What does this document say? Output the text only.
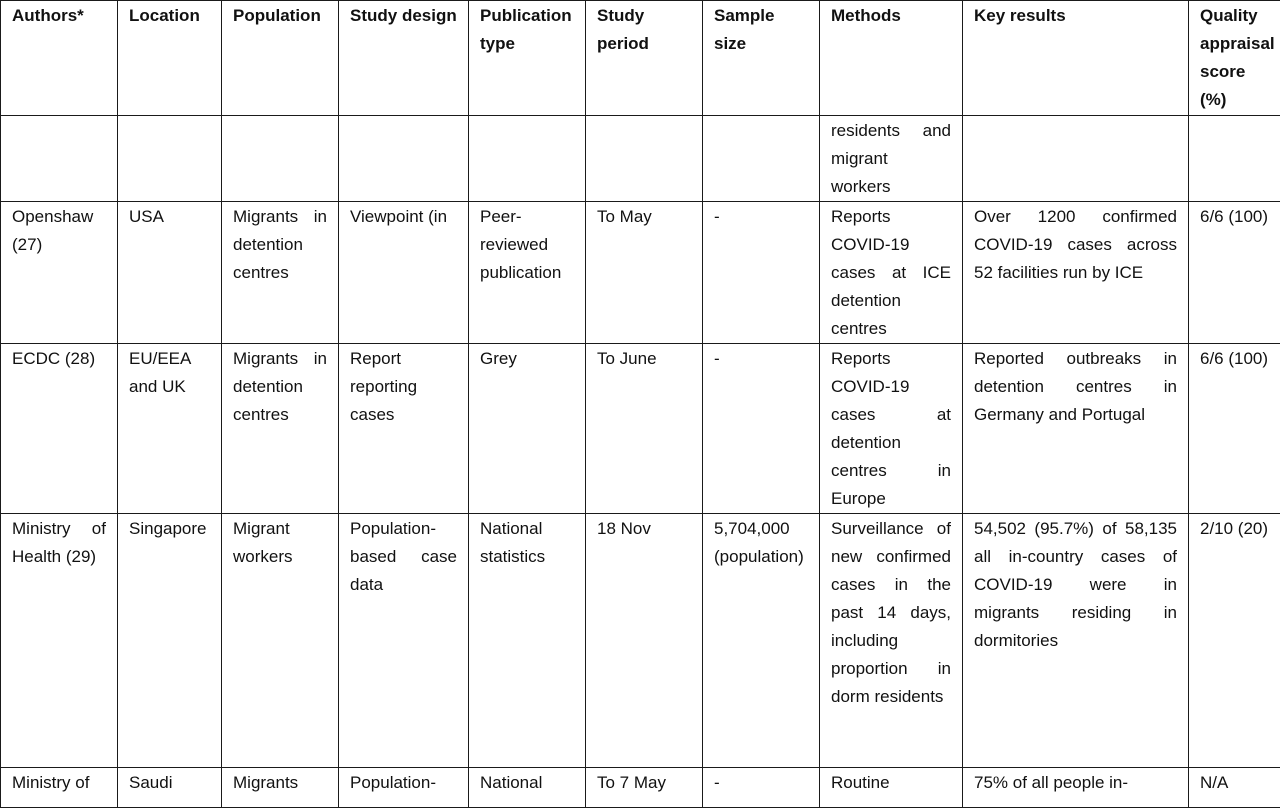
Authors*	Location	Population	Study design	Publication type	Study period	Sample size	Methods	Key results	Quality appraisal score (%)
							residents and migrant workers		
Openshaw (27)	USA	Migrants in detention centres	Viewpoint (in	Peer-reviewed publication	To May	-	Reports COVID-19 cases at ICE detention centres	Over 1200 confirmed COVID-19 cases across 52 facilities run by ICE	6/6 (100)
ECDC (28)	EU/EEA and UK	Migrants in detention centres	Report reporting cases	Grey	To June	-	Reports COVID-19 cases at detention centres in Europe	Reported outbreaks in detention centres in Germany and Portugal	6/6 (100)
Ministry of Health (29)	Singapore	Migrant workers	Population-based case data	National statistics	18 Nov	5,704,000 (population)	Surveillance of new confirmed cases in the past 14 days, including proportion in dorm residents	54,502 (95.7%) of 58,135 all in-country cases of COVID-19 were in migrants residing in dormitories	2/10 (20)
Ministry of	Saudi	Migrants	Population-	National	To 7 May	-	Routine	75% of all people in-	N/A
